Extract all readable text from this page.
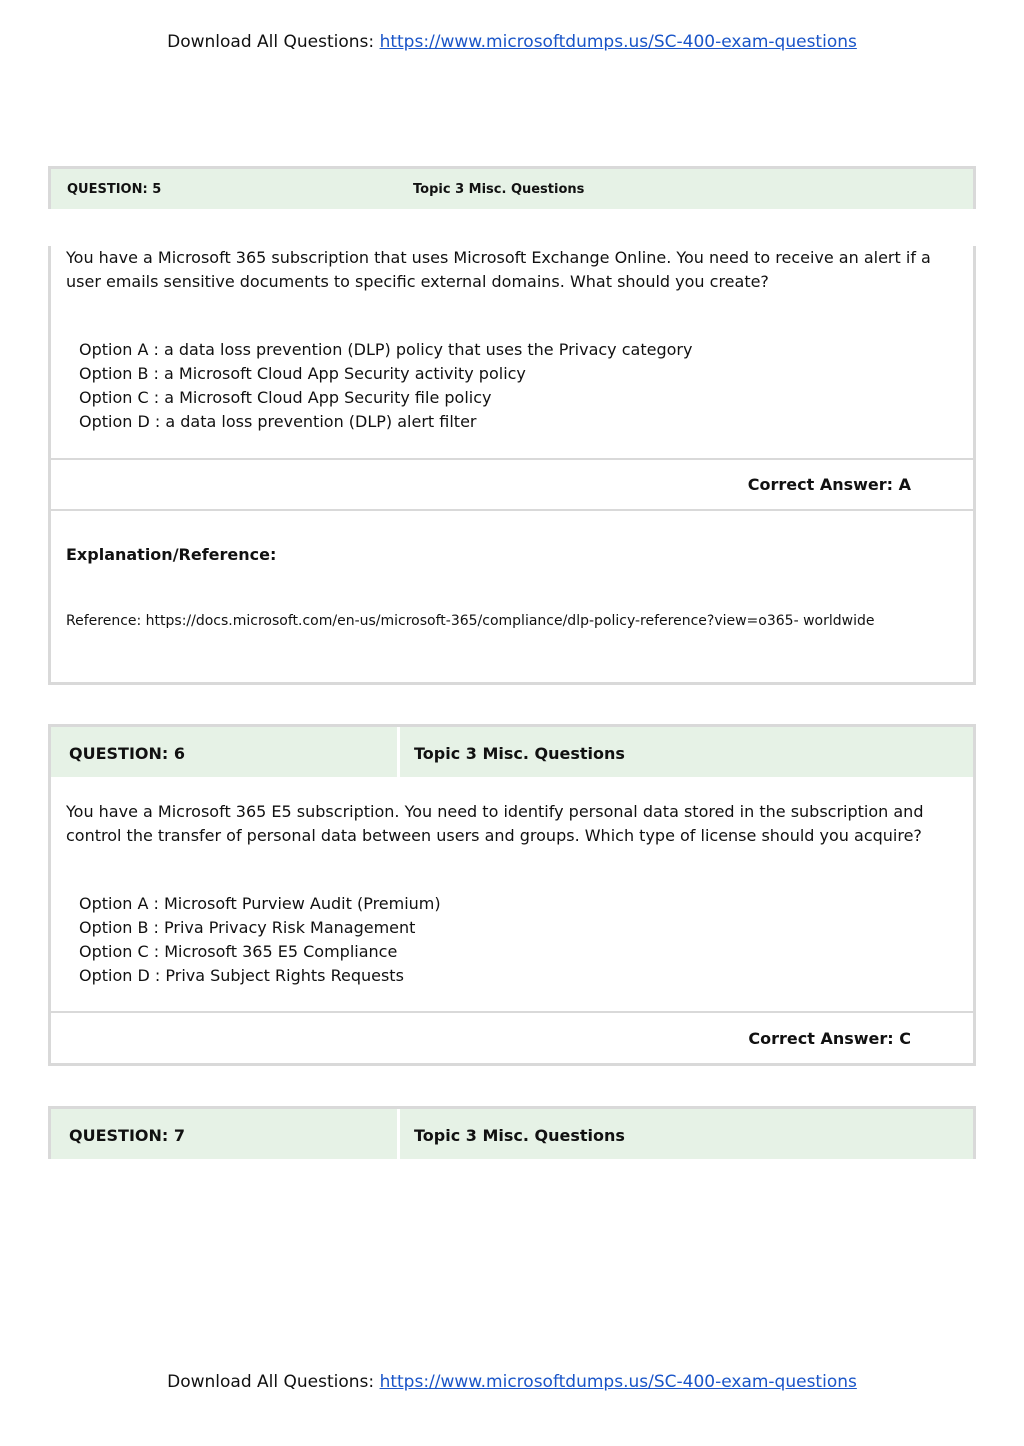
Download All Questions: https://www.microsoftdumps.us/SC-400-exam-questions
QUESTION: 5	Topic 3 Misc. Questions
You have a Microsoft 365 subscription that uses Microsoft Exchange Online. You need to receive an alert if a user emails sensitive documents to specific external domains. What should you create?
Option A : a data loss prevention (DLP) policy that uses the Privacy category
Option B : a Microsoft Cloud App Security activity policy
Option C : a Microsoft Cloud App Security file policy
Option D : a data loss prevention (DLP) alert filter
Correct Answer: A
Explanation/Reference:
Reference: https://docs.microsoft.com/en-us/microsoft-365/compliance/dlp-policy-reference?view=o365- worldwide
QUESTION: 6	Topic 3 Misc. Questions
You have a Microsoft 365 E5 subscription. You need to identify personal data stored in the subscription and control the transfer of personal data between users and groups. Which type of license should you acquire?
Option A : Microsoft Purview Audit (Premium)
Option B : Priva Privacy Risk Management
Option C : Microsoft 365 E5 Compliance
Option D : Priva Subject Rights Requests
Correct Answer: C
QUESTION: 7	Topic 3 Misc. Questions
Download All Questions: https://www.microsoftdumps.us/SC-400-exam-questions
